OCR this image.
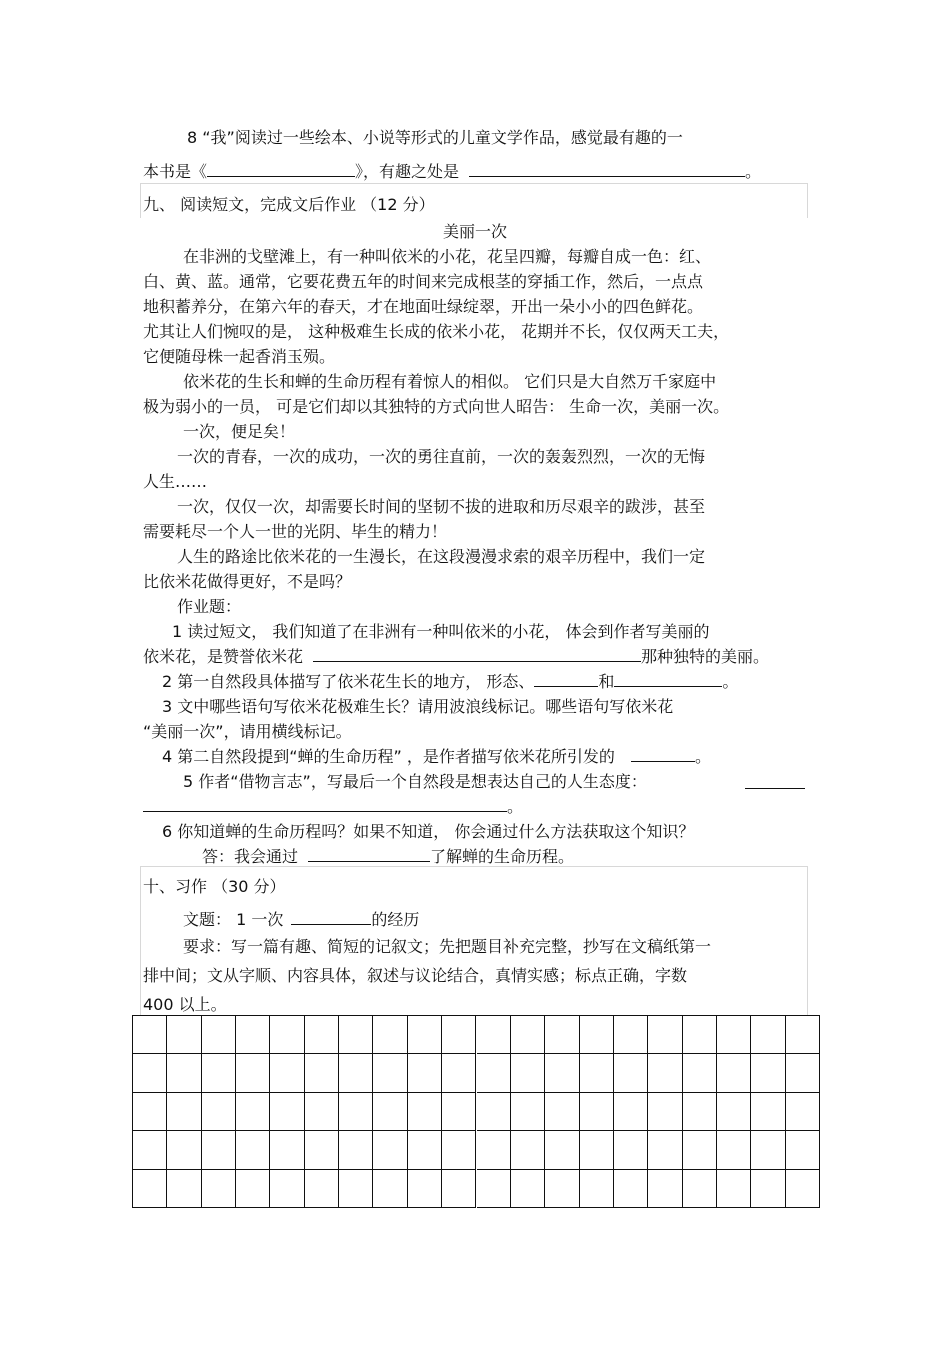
8 “我”阅读过一些绘本、小说等形式的儿童文学作品，感觉最有趣的一
本书是《	》，有趣之处是	。
九、 阅读短文，完成文后作业 （12 分）
美丽一次
在非洲的戈壁滩上，有一种叫依米的小花，花呈四瓣，每瓣自成一色：红、
白、黄、蓝。通常，它要花费五年的时间来完成根茎的穿插工作，然后，一点点
地积蓄养分，在第六年的春天，才在地面吐绿绽翠，开出一朵小小的四色鲜花。
尤其让人们惋叹的是， 这种极难生长成的依米小花， 花期并不长，仅仅两天工夫，
它便随母株一起香消玉殒。
依米花的生长和蝉的生命历程有着惊人的相似。 它们只是大自然万千家庭中
极为弱小的一员， 可是它们却以其独特的方式向世人昭告： 生命一次，美丽一次。
一次，便足矣！
一次的青春，一次的成功，一次的勇往直前，一次的轰轰烈烈，一次的无悔
人生……
一次，仅仅一次，却需要长时间的坚韧不拔的进取和历尽艰辛的跋涉，甚至
需要耗尽一个人一世的光阴、毕生的精力！
人生的路途比依米花的一生漫长，在这段漫漫求索的艰辛历程中，我们一定
比依米花做得更好，不是吗？
作业题：
1 读过短文， 我们知道了在非洲有一种叫依米的小花， 体会到作者写美丽的
依米花，是赞誉依米花	那种独特的美丽。
2 第一自然段具体描写了依米花生长的地方， 形态、	和	。
3 文中哪些语句写依米花极难生长？请用波浪线标记。哪些语句写依米花
“美丽一次”，请用横线标记。
4 第二自然段提到“蝉的生命历程” ，是作者描写依米花所引发的	。
5 作者“借物言志”，写最后一个自然段是想表达自己的人生态度：
。
6 你知道蝉的生命历程吗？如果不知道， 你会通过什么方法获取这个知识？
答：我会通过	了解蝉的生命历程。
十、习作 （30 分）
文题： 1 一次	的经历
要求：写一篇有趣、简短的记叙文；先把题目补充完整，抄写在文稿纸第一
排中间；文从字顺、内容具体，叙述与议论结合，真情实感；标点正确，字数
400 以上。
